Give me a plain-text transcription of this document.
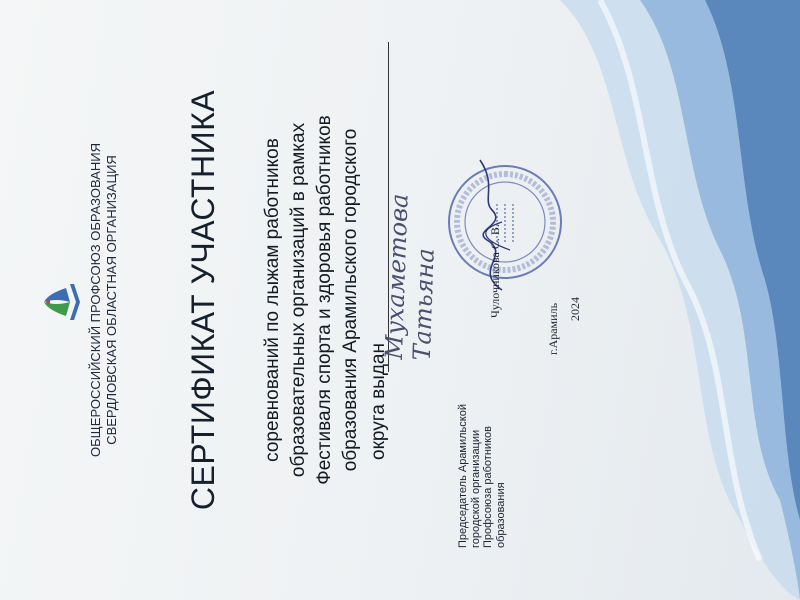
ОБЩЕРОССИЙСКИЙ ПРОФСОЮЗ ОБРАЗОВАНИЯ СВЕРДЛОВСКАЯ ОБЛАСТНАЯ ОРГАНИЗАЦИЯ СЕРТИФИКАТ УЧАСТНИКА соревнований по лыжам работников образовательных организаций в рамках Фестиваля спорта и здоровья работников образования Арамильского городского округа выдан
Мухаметова Татьяна
Председатель Арамильской городской организации Профсоюза работников образования
Чулочникова С. В.
г.Арамиль 2024
